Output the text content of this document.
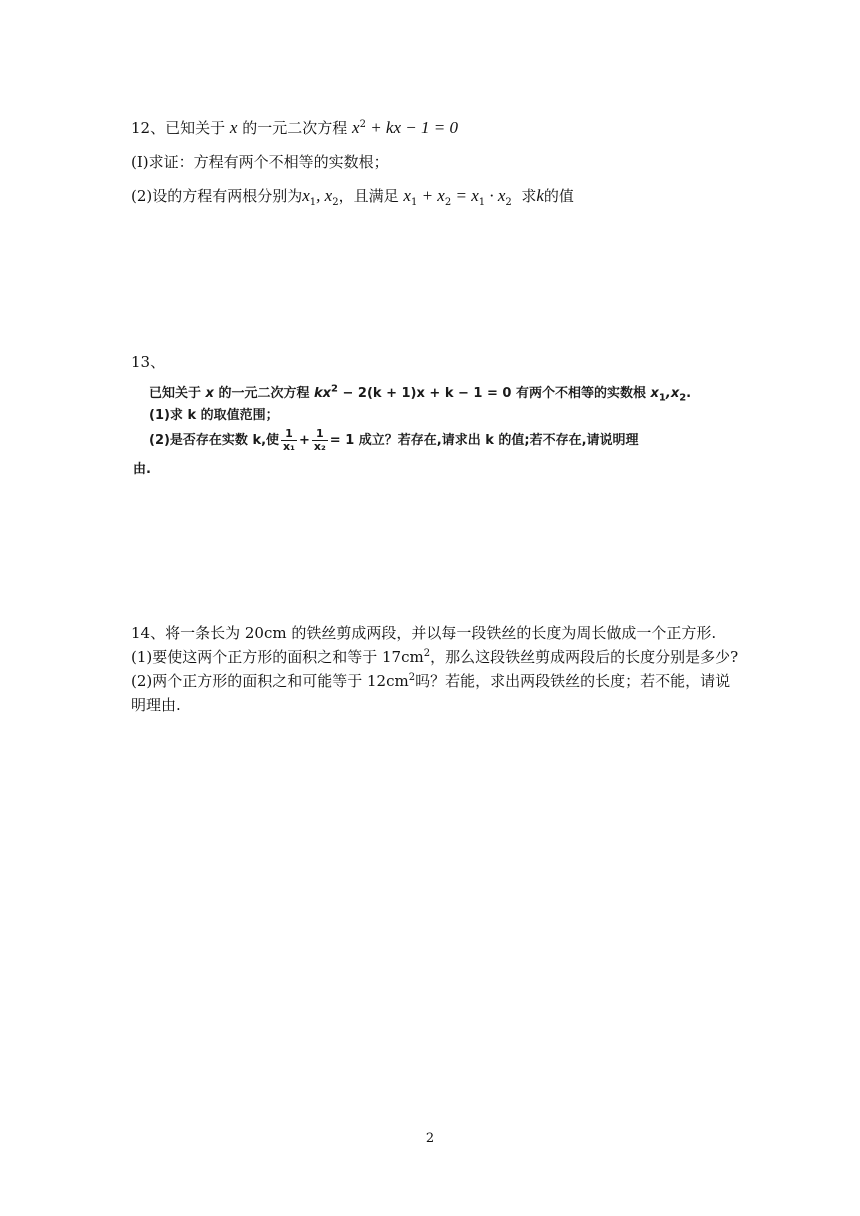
12、已知关于 x 的一元二次方程 $x^2$ + kx − 1 = 0
(I)求证：方程有两个不相等的实数根；
(2)设的方程有两根分别为$x_1$, $x_2$，且满足 $x_1 + x_2 = x_1 \cdot x_2$ 求k的值
13、
已知关于 x 的一元二次方程 $kx^2 - 2(k + 1)x + k - 1 = 0$ 有两个不相等的实数根 $x_1,x_2$.
(1)求 k 的取值范围；
(2)是否存在实数 k,使 $\frac{1}{\text{x₁}} + \frac{1}{\text{x₂}} = 1$ 成立？若存在,请求出 k 的值;若不存在,请说明理
由.
14、将一条长为 20cm 的铁丝剪成两段，并以每一段铁丝的长度为周长做成一个正方形.
(1)要使这两个正方形的面积之和等于 $17cm^2$，那么这段铁丝剪成两段后的长度分别是多少?
(2)两个正方形的面积之和可能等于 $12cm^2$吗？若能，求出两段铁丝的长度；若不能，请说
明理由.
2
